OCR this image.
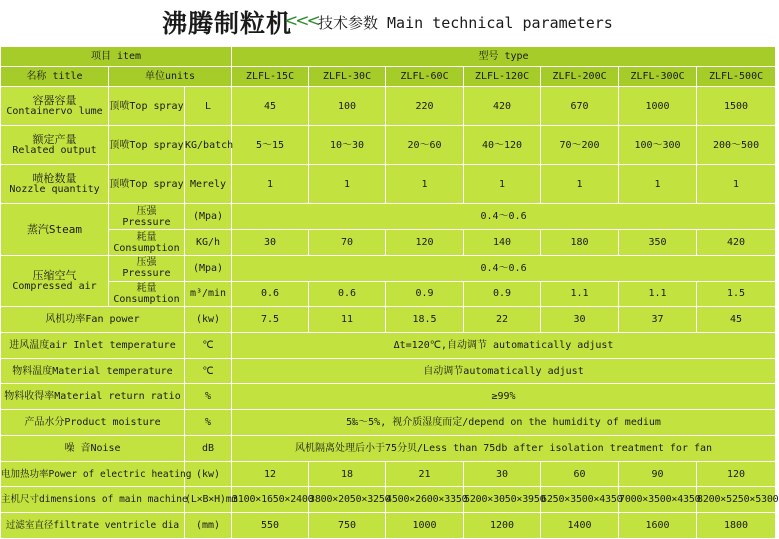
沸腾制粒机
<<< 技术参数 Main technical parameters
项目 item			型号 type						
名称 title	单位units		ZLFL-15C	ZLFL-30C	ZLFL-60C	ZLFL-120C	ZLFL-200C	ZLFL-300C	ZLFL-500C

容器容量
Containervo lume	顶喷Top spray	L	45	100	220	420	670	1000	1500

额定产量
Related output	顶喷Top spray	KG/batch	5～15	10～30	20～60	40～120	70～200	100～300	200～500

喷枪数量
Nozzle quantity	顶喷Top spray	Merely	1	1	1	1	1	1	1
蒸汽Steam	压强
Pressure	(Mpa)	0.4～0.6						

	耗量
Consumption	KG/h	30	70	120	140	180	350	420

压缩空气
Compressed air	压强
Pressure	(Mpa)	0.4～0.6						

	耗量
Consumption	m³/min	0.6	0.6	0.9	0.9	1.1	1.1	1.5
风机功率Fan power		(kw)	7.5	11	18.5	22	30	37	45
进风温度air Inlet temperature		℃	Δt=120℃,自动调节 automatically adjust						
物料温度Material temperature		℃	自动调节automatically adjust						
物料收得率Material return ratio		%	≥99%						
产品水分Product moisture		%	5‰～5%, 视介质湿度而定/depend on the humidity of medium						
噪 音Noise		dB	风机隔离处理后小于75分贝/Less than 75db after isolation treatment for fan						
电加热功率Power of electric heating		(kw)	12	18	21	30	60	90	120
主机尺寸dimensions of main machine		(L×B×H)mm	3100×1650×2400	3800×2050×3250	4500×2600×3350	5200×3050×3950	6250×3500×4350	7000×3500×4350	8200×5250×5300
过滤室直径filtrate ventricle dia		(mm)	550	750	1000	1200	1400	1600	1800
